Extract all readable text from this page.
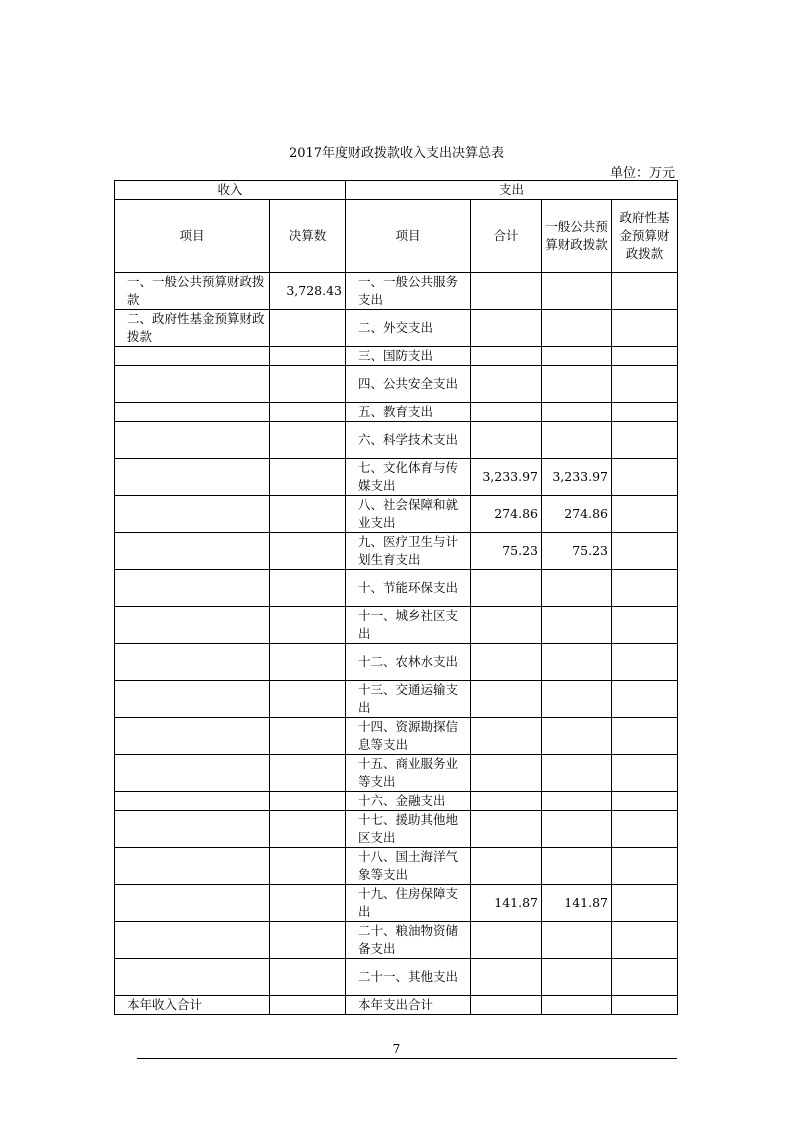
2017年度财政拨款收入支出决算总表
单位：万元
收入		支出			
项目	决算数	项目	合计	一般公共预算财政拨款	政府性基金预算财政拨款
一、一般公共预算财政拨款	3,728.43	一、一般公共服务支出			
二、政府性基金预算财政拨款		二、外交支出			
		三、国防支出			
		四、公共安全支出			
		五、教育支出			
		六、科学技术支出			
		七、文化体育与传媒支出	3,233.97	3,233.97	
		八、社会保障和就业支出	274.86	274.86	
		九、医疗卫生与计划生育支出	75.23	75.23	
		十、节能环保支出			
		十一、城乡社区支出			
		十二、农林水支出			
		十三、交通运输支出			
		十四、资源勘探信息等支出			
		十五、商业服务业等支出			
		十六、金融支出			
		十七、援助其他地区支出			
		十八、国土海洋气象等支出			
		十九、住房保障支出	141.87	141.87	
		二十、粮油物资储备支出			
		二十一、其他支出			
本年收入合计		本年支出合计			
7
